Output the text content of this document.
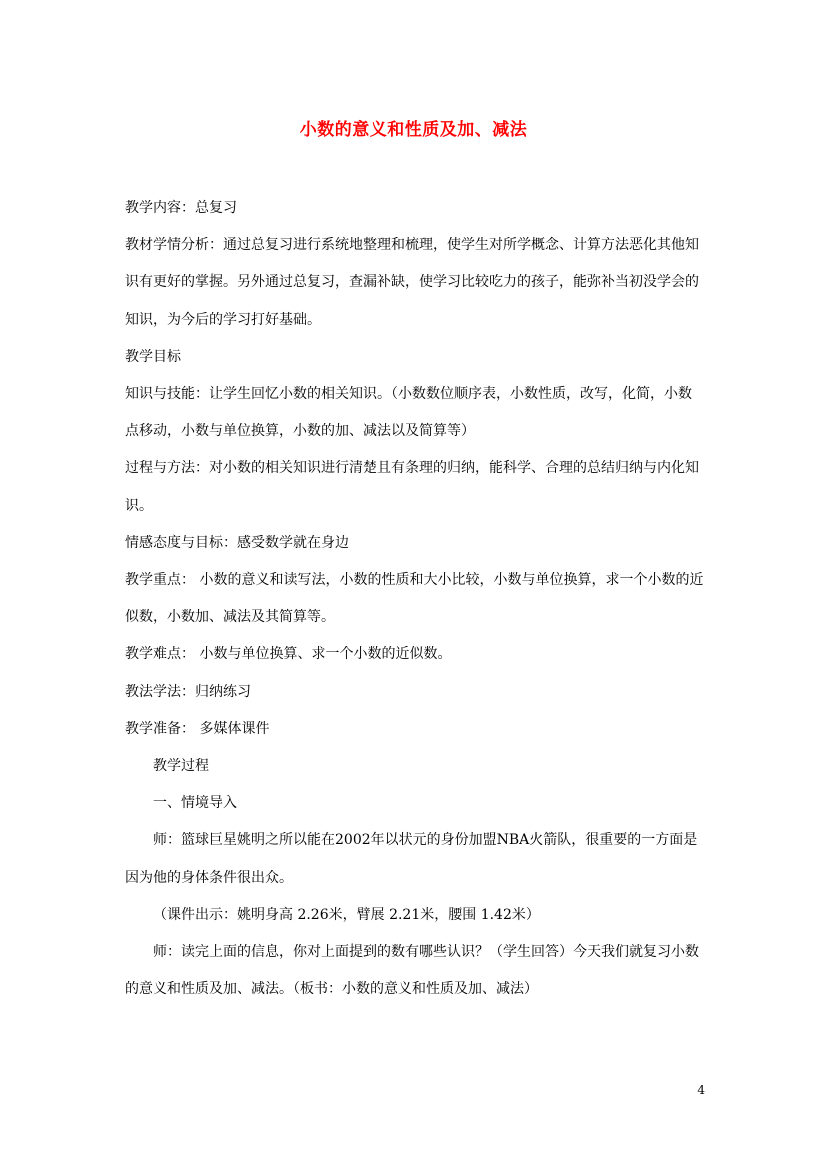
小数的意义和性质及加、减法

教学内容：总复习

教材学情分析：通过总复习进行系统地整理和梳理，使学生对所学概念、计算方法恶化其他知识有更好的掌握。另外通过总复习，查漏补缺，使学习比较吃力的孩子，能弥补当初没学会的知识，为今后的学习打好基础。

教学目标

知识与技能：让学生回忆小数的相关知识。（小数数位顺序表，小数性质，改写，化简，小数点移动，小数与单位换算，小数的加、减法以及简算等）

过程与方法：对小数的相关知识进行清楚且有条理的归纳，能科学、合理的总结归纳与内化知识。

情感态度与目标：感受数学就在身边

教学重点： 小数的意义和读写法，小数的性质和大小比较，小数与单位换算，求一个小数的近似数，小数加、减法及其简算等。

教学难点： 小数与单位换算、求一个小数的近似数。

教法学法：归纳练习

教学准备： 多媒体课件

教学过程

一、情境导入

师：篮球巨星姚明之所以能在2002年以状元的身份加盟NBA火箭队，很重要的一方面是因为他的身体条件很出众。

（课件出示：姚明身高 2.26米，臂展 2.21米，腰围 1.42米）

师：读完上面的信息，你对上面提到的数有哪些认识？（学生回答）今天我们就复习小数的意义和性质及加、减法。（板书：小数的意义和性质及加、减法）

4
